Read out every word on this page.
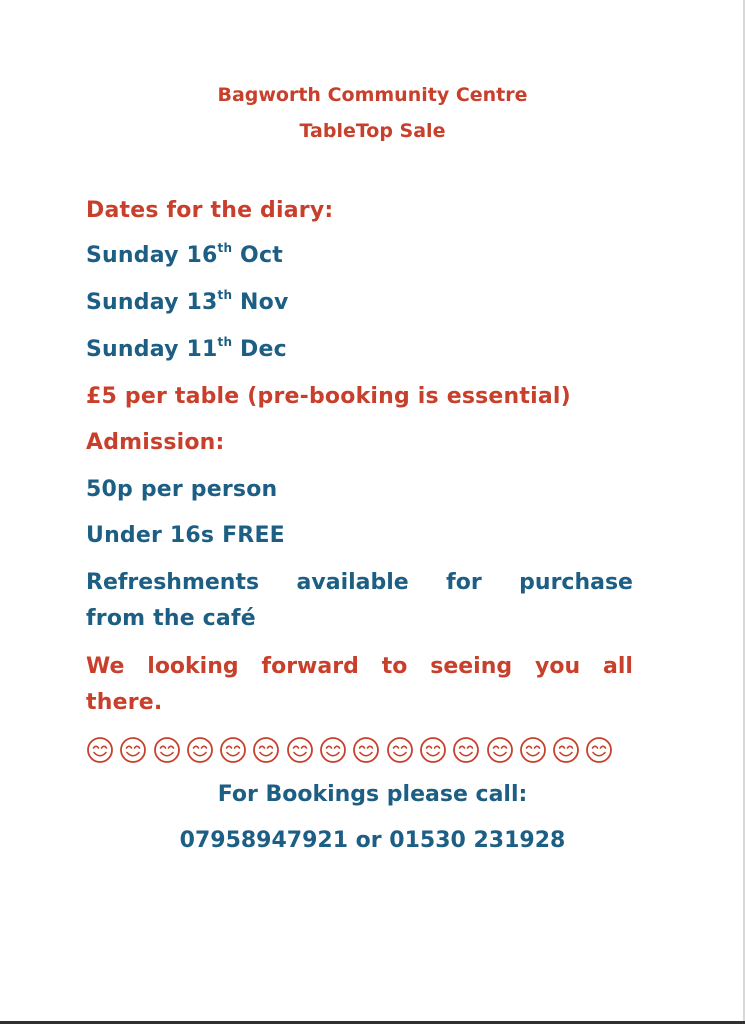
Bagworth Community Centre
TableTop Sale
Dates for the diary:
Sunday 16th Oct
Sunday 13th Nov
Sunday 11th Dec
£5 per table (pre-booking is essential)
Admission:
50p per person
Under 16s FREE
Refreshments available for purchase
from the café
We looking forward to seeing you all
there.
For Bookings please call:
07958947921 or 01530 231928
